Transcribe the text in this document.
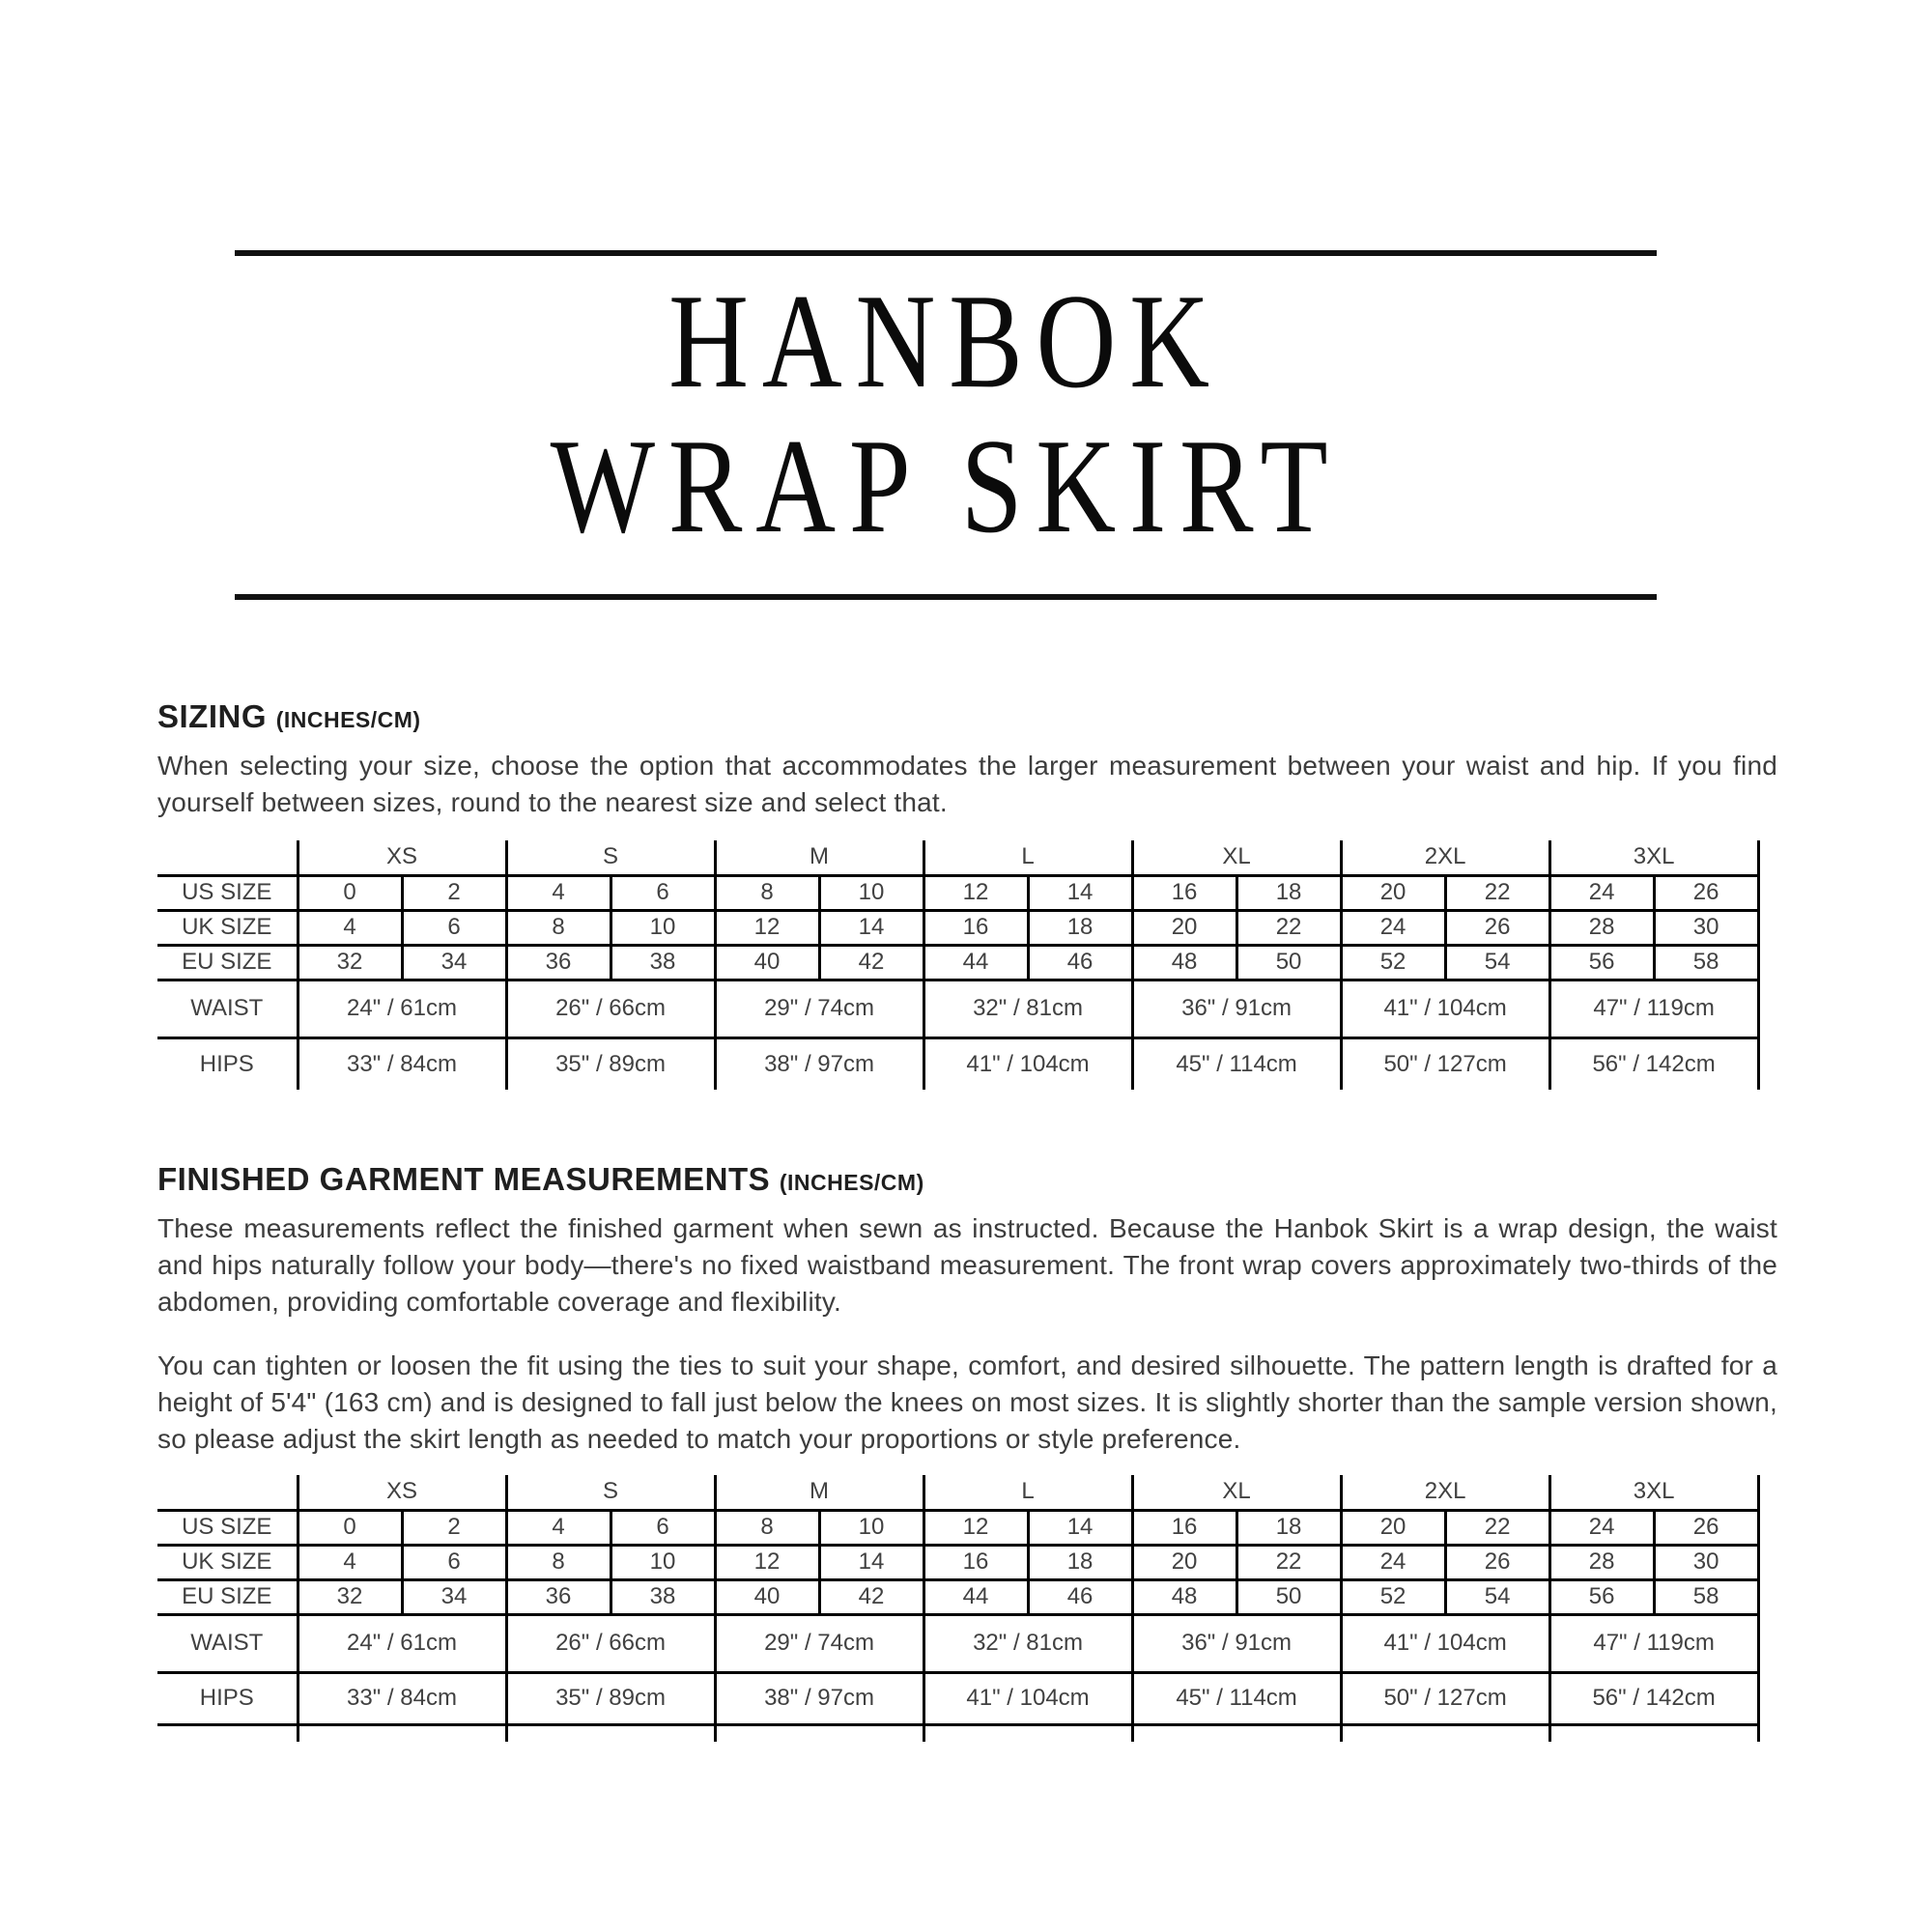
HANBOK
WRAP SKIRT
SIZING (INCHES/CM)

When selecting your size, choose the option that accommodates the larger measurement between your waist and hip. If you find yourself between sizes, round to the nearest size and select that.

	XS		S		M		L		XL		2XL		3XL	
US SIZE	0	2	4	6	8	10	12	14	16	18	20	22	24	26
UK SIZE	4	6	8	10	12	14	16	18	20	22	24	26	28	30
EU SIZE	32	34	36	38	40	42	44	46	48	50	52	54	56	58
WAIST	24" / 61cm		26" / 66cm		29" / 74cm		32" / 81cm		36" / 91cm		41" / 104cm		47" / 119cm	
HIPS	33" / 84cm		35" / 89cm		38" / 97cm		41" / 104cm		45" / 114cm		50" / 127cm		56" / 142cm	
FINISHED GARMENT MEASUREMENTS (INCHES/CM)

These measurements reflect the finished garment when sewn as instructed. Because the Hanbok Skirt is a wrap design, the waist and hips naturally follow your body—there's no fixed waistband measurement. The front wrap covers approximately two-thirds of the abdomen, providing comfortable coverage and flexibility.

You can tighten or loosen the fit using the ties to suit your shape, comfort, and desired silhouette. The pattern length is drafted for a height of 5'4" (163 cm) and is designed to fall just below the knees on most sizes. It is slightly shorter than the sample version shown, so please adjust the skirt length as needed to match your proportions or style preference.

	XS		S		M		L		XL		2XL		3XL	
US SIZE	0	2	4	6	8	10	12	14	16	18	20	22	24	26
UK SIZE	4	6	8	10	12	14	16	18	20	22	24	26	28	30
EU SIZE	32	34	36	38	40	42	44	46	48	50	52	54	56	58
WAIST	24" / 61cm		26" / 66cm		29" / 74cm		32" / 81cm		36" / 91cm		41" / 104cm		47" / 119cm	
HIPS	33" / 84cm		35" / 89cm		38" / 97cm		41" / 104cm		45" / 114cm		50" / 127cm		56" / 142cm	
